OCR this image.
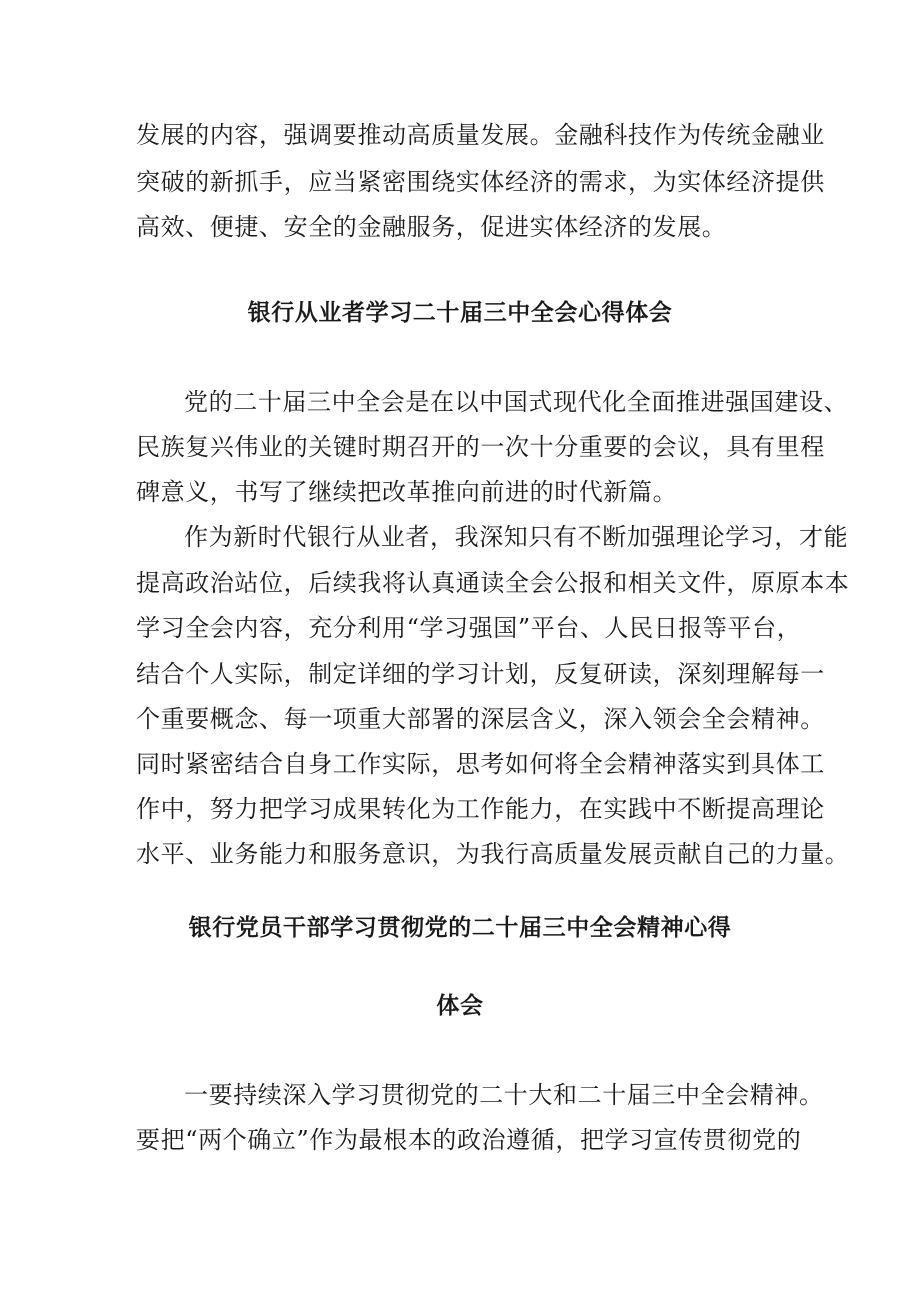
发展的内容，强调要推动高质量发展。金融科技作为传统金融业
突破的新抓手，应当紧密围绕实体经济的需求，为实体经济提供
高效、便捷、安全的金融服务，促进实体经济的发展。
银行从业者学习二十届三中全会心得体会
党的二十届三中全会是在以中国式现代化全面推进强国建设、
民族复兴伟业的关键时期召开的一次十分重要的会议，具有里程
碑意义，书写了继续把改革推向前进的时代新篇。
作为新时代银行从业者，我深知只有不断加强理论学习，才能
提高政治站位，后续我将认真通读全会公报和相关文件，原原本本
学习全会内容，充分利用“学习强国”平台、人民日报等平台，
结合个人实际，制定详细的学习计划，反复研读，深刻理解每一
个重要概念、每一项重大部署的深层含义，深入领会全会精神。
同时紧密结合自身工作实际，思考如何将全会精神落实到具体工
作中，努力把学习成果转化为工作能力，在实践中不断提高理论
水平、业务能力和服务意识，为我行高质量发展贡献自己的力量。
银行党员干部学习贯彻党的二十届三中全会精神心得
体会
一要持续深入学习贯彻党的二十大和二十届三中全会精神。
要把“两个确立”作为最根本的政治遵循，把学习宣传贯彻党的
